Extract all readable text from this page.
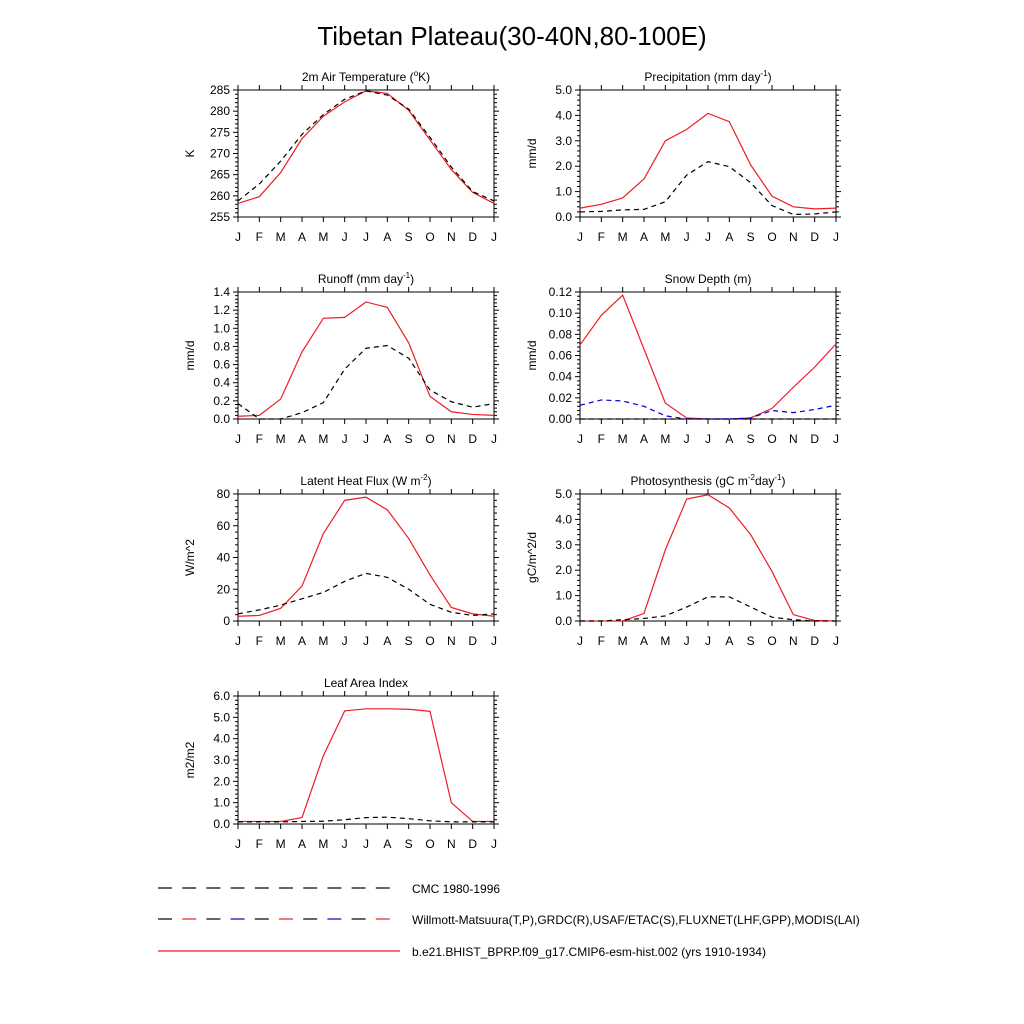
Tibetan Plateau(30-40N,80-100E)
2m Air Temperature ($^o$K)
K
255
260
265
270
275
280
285
J F M A M J J A S O N D J
Precipitation (mm day$^{-1}$)
mm/d
0.0
1.0
2.0
3.0
4.0
5.0
J F M A M J J A S O N D J
Runoff (mm day$^{-1}$)
mm/d
0.0
0.2
0.4
0.6
0.8
1.0
1.2
1.4
J F M A M J J A S O N D J
Snow Depth (m)
mm/d
0.00
0.02
0.04
0.06
0.08
0.10
0.12
J F M A M J J A S O N D J
Latent Heat Flux (W $m^{-2}$)
W/m^2
0
20
40
60
80
J F M A M J J A S O N D J
Photosynthesis (gC $m^{-2}day^{-1}$)
gC/m^2/d
0.0
1.0
2.0
3.0
4.0
5.0
J F M A M J J A S O N D J
Leaf Area Index
m2/m2
0.0
1.0
2.0
3.0
4.0
5.0
6.0
J F M A M J J A S O N D J
CMC 1980-1996
Willmott-Matsuura(T,P),GRDC(R),USAF/ETAC(S),FLUXNET(LHF,GPP),MODIS(LAI)
b.e21.BHIST_BPRP.f09_g17.CMIP6-esm-hist.002 (yrs 1910-1934)
